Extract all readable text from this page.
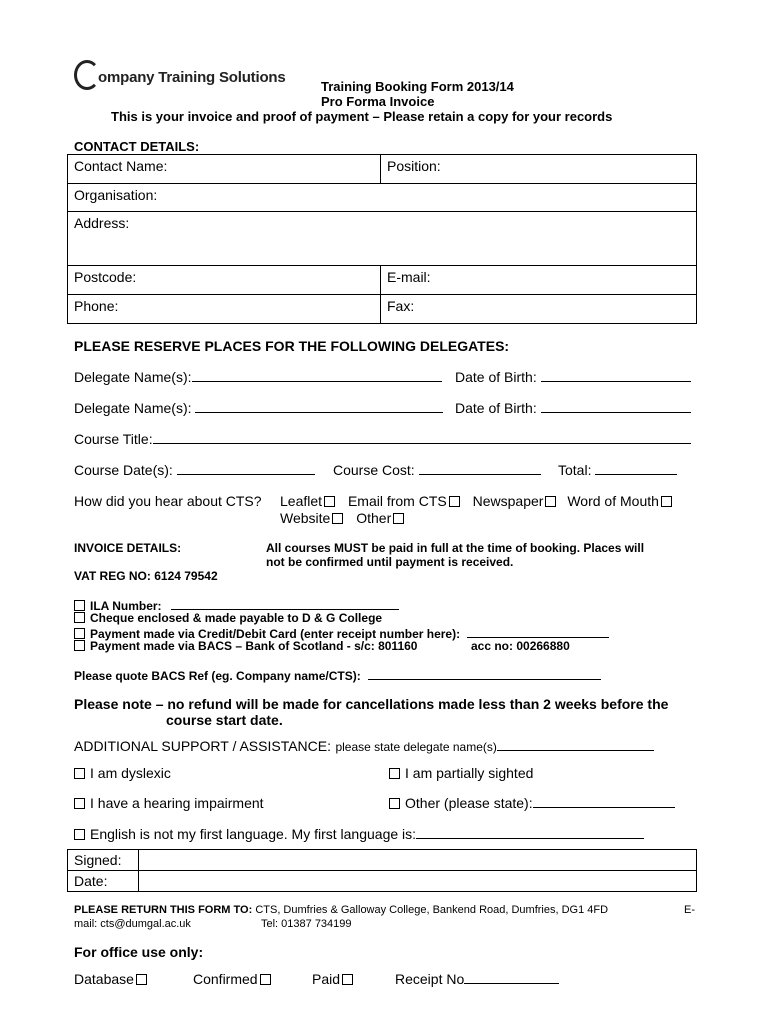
ompany Training Solutions
Training Booking Form 2013/14
Pro Forma Invoice
This is your invoice and proof of payment – Please retain a copy for your records
CONTACT DETAILS:
Contact Name:	Position:
Organisation:	
Address:	
Postcode:	E-mail:
Phone:	Fax:
PLEASE RESERVE PLACES FOR THE FOLLOWING DELEGATES:
Delegate Name(s):	Date of Birth:
Delegate Name(s):	Date of Birth:
Course Title:
Course Date(s):	Course Cost:	Total:
How did you hear about CTS? Leaflet Email from CTS Newspaper Word of Mouth
Website Other
INVOICE DETAILS:	All courses MUST be paid in full at the time of booking. Places will
not be confirmed until payment is received.
VAT REG NO: 6124 79542
ILA Number:
Cheque enclosed & made payable to D & G College
Payment made via Credit/Debit Card (enter receipt number here):
Payment made via BACS – Bank of Scotland - s/c: 801160	acc no: 00266880
Please quote BACS Ref (eg. Company name/CTS):
Please note – no refund will be made for cancellations made less than 2 weeks before the
course start date.
ADDITIONAL SUPPORT / ASSISTANCE: please state delegate name(s)
I am dyslexic	I am partially sighted
I have a hearing impairment	Other (please state):
English is not my first language. My first language is:
Signed:	
Date:	
PLEASE RETURN THIS FORM TO: CTS, Dumfries & Galloway College, Bankend Road, Dumfries, DG1 4FD	E-
mail: cts@dumgal.ac.uk	Tel: 01387 734199
For office use only:
Database	Confirmed	Paid	Receipt No
